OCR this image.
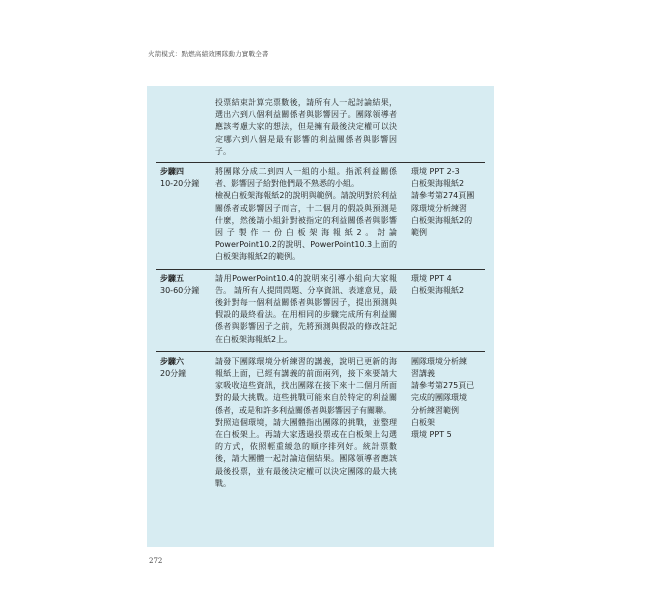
火箭模式：點燃高績效團隊動力實戰全書
投票結束計算完票數後，請所有人一起討論結果，選出六到八個利益關係者與影響因子。團隊領導者應該考慮大家的想法，但是擁有最後決定權可以決定哪六到八個是最有影響的利益關係者與影響因子。
步驟四
10-20分鐘
將團隊分成二到四人一組的小組。指派利益關係者、影響因子給對他們最不熟悉的小組。
檢視白板架海報紙2的說明與範例。請說明對於利益關係者或影響因子而言，十二個月的假設與預測是什麼，然後請小組針對被指定的利益關係者與影響因子製作一份白板架海報紙2。討論PowerPoint10.2的說明、PowerPoint10.3上面的白板架海報紙2的範例。
環境 PPT 2-3
白板架海報紙2
請參考第274頁團
隊環境分析練習
白板架海報紙2的
範例
步驟五
30-60分鐘
請用PowerPoint10.4的說明來引導小組向大家報告。 請所有人提問問題、分享資訊、表達意見，最後針對每一個利益關係者與影響因子，提出預測與假設的最終看法。在用相同的步驟完成所有利益關係者與影響因子之前，先將預測與假設的修改註記在白板架海報紙2上。
環境 PPT 4
白板架海報紙2
步驟六
20分鐘
請發下團隊環境分析練習的講義，說明已更新的海報紙上面，已經有講義的前面兩列，接下來要請大家吸收這些資訊，找出團隊在接下來十二個月所面對的最大挑戰。這些挑戰可能來自於特定的利益關係者，或是和許多利益關係者與影響因子有關聯。
對照這個環境，請大團體指出團隊的挑戰，並整理在白板架上。再請大家透過投票或在白板架上勾選的方式，依照輕重緩急的順序排列好。統計票數後，請大團體一起討論這個結果。團隊領導者應該最後投票，並有最後決定權可以決定團隊的最大挑戰。
團隊環境分析練
習講義
請參考第275頁已
完成的團隊環境
分析練習範例
白板架
環境 PPT 5
272
